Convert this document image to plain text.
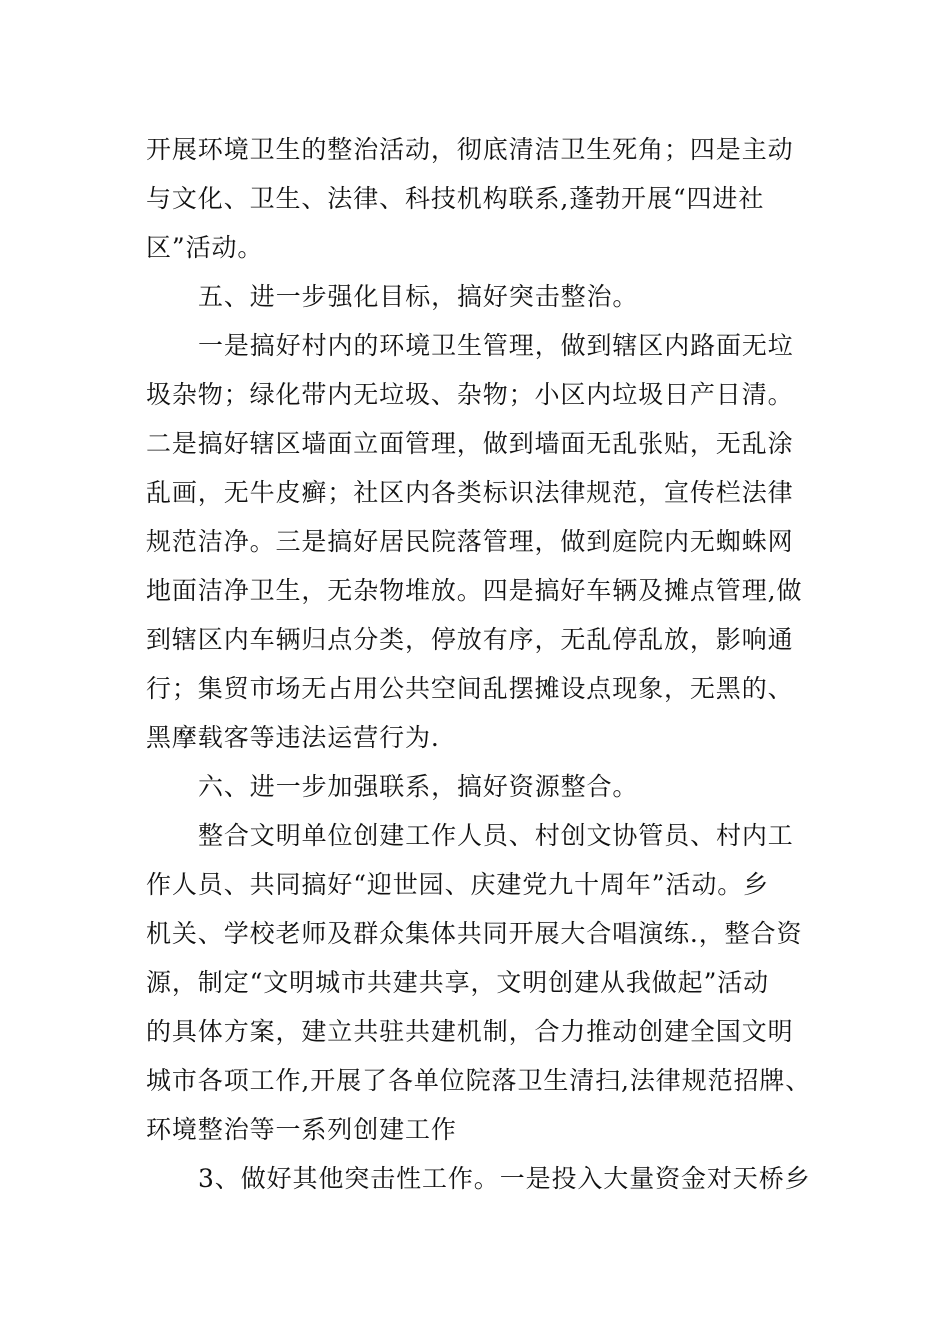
开展环境卫生的整治活动，彻底清洁卫生死角；四是主动

与文化、卫生、法律、科技机构联系,蓬勃开展“四进社

区”活动。

五、进一步强化目标，搞好突击整治。

一是搞好村内的环境卫生管理，做到辖区内路面无垃

圾杂物；绿化带内无垃圾、杂物；小区内垃圾日产日清。

二是搞好辖区墙面立面管理，做到墙面无乱张贴，无乱涂

乱画，无牛皮癣；社区内各类标识法律规范，宣传栏法律

规范洁净。三是搞好居民院落管理，做到庭院内无蜘蛛网

地面洁净卫生，无杂物堆放。四是搞好车辆及摊点管理,做

到辖区内车辆归点分类，停放有序，无乱停乱放，影响通

行；集贸市场无占用公共空间乱摆摊设点现象，无黑的、

黑摩载客等违法运营行为.

六、进一步加强联系，搞好资源整合。

整合文明单位创建工作人员、村创文协管员、村内工

作人员、共同搞好“迎世园、庆建党九十周年”活动。乡

机关、学校老师及群众集体共同开展大合唱演练.，整合资

源，制定“文明城市共建共享，文明创建从我做起”活动

的具体方案，建立共驻共建机制，合力推动创建全国文明

城市各项工作,开展了各单位院落卫生清扫,法律规范招牌、

环境整治等一系列创建工作

3、做好其他突击性工作。一是投入大量资金对天桥乡
